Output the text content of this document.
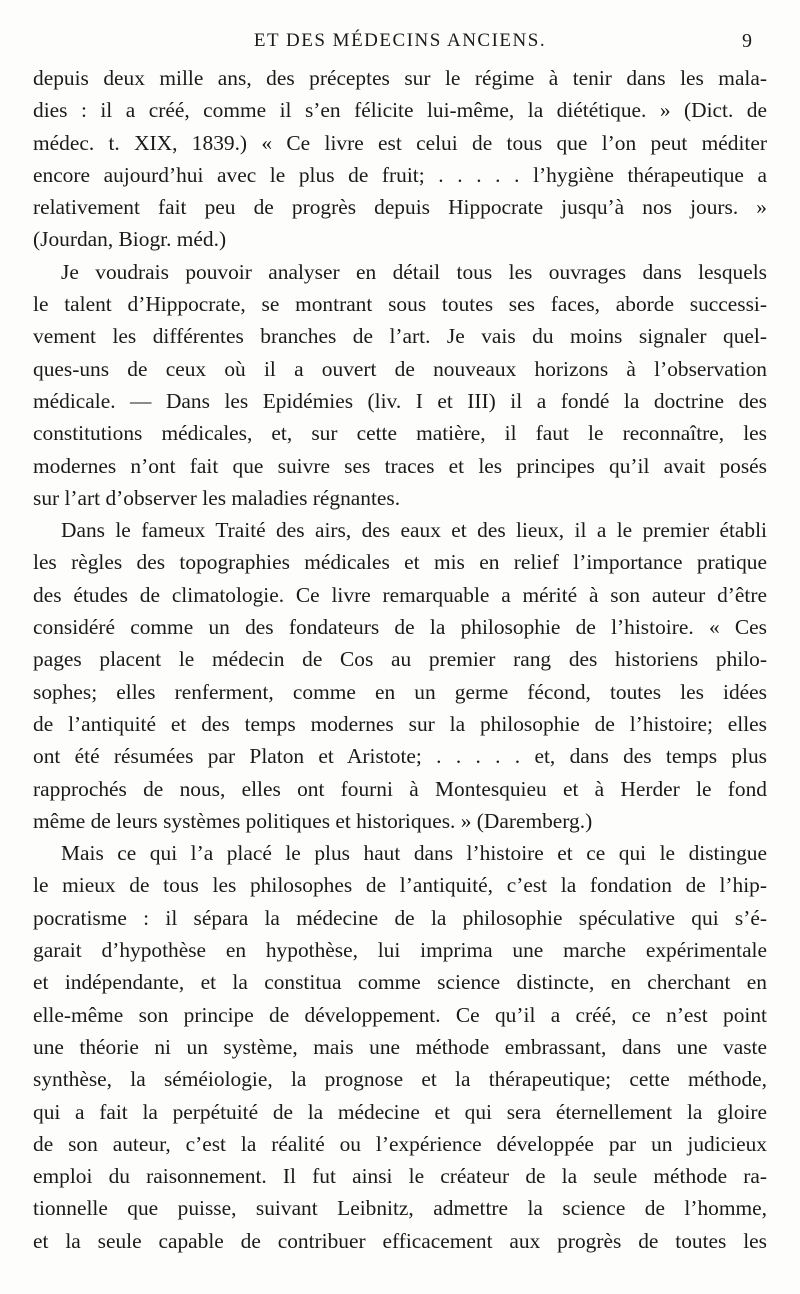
ET DES MÉDECINS ANCIENS.	9
depuis deux mille ans, des préceptes sur le régime à tenir dans les mala-
dies : il a créé, comme il s’en félicite lui-même, la diététique. » (Dict. de
médec. t. XIX, 1839.) « Ce livre est celui de tous que l’on peut méditer
encore aujourd’hui avec le plus de fruit; . . . . . l’hygiène thérapeutique a
relativement fait peu de progrès depuis Hippocrate jusqu’à nos jours. »
(Jourdan, Biogr. méd.)
Je voudrais pouvoir analyser en détail tous les ouvrages dans lesquels
le talent d’Hippocrate, se montrant sous toutes ses faces, aborde successi-
vement les différentes branches de l’art. Je vais du moins signaler quel-
ques-uns de ceux où il a ouvert de nouveaux horizons à l’observation
médicale. — Dans les Epidémies (liv. I et III) il a fondé la doctrine des
constitutions médicales, et, sur cette matière, il faut le reconnaître, les
modernes n’ont fait que suivre ses traces et les principes qu’il avait posés
sur l’art d’observer les maladies régnantes.
Dans le fameux Traité des airs, des eaux et des lieux, il a le premier établi
les règles des topographies médicales et mis en relief l’importance pratique
des études de climatologie. Ce livre remarquable a mérité à son auteur d’être
considéré comme un des fondateurs de la philosophie de l’histoire. « Ces
pages placent le médecin de Cos au premier rang des historiens philo-
sophes; elles renferment, comme en un germe fécond, toutes les idées
de l’antiquité et des temps modernes sur la philosophie de l’histoire; elles
ont été résumées par Platon et Aristote; . . . . . et, dans des temps plus
rapprochés de nous, elles ont fourni à Montesquieu et à Herder le fond
même de leurs systèmes politiques et historiques. » (Daremberg.)
Mais ce qui l’a placé le plus haut dans l’histoire et ce qui le distingue
le mieux de tous les philosophes de l’antiquité, c’est la fondation de l’hip-
pocratisme : il sépara la médecine de la philosophie spéculative qui s’é-
garait d’hypothèse en hypothèse, lui imprima une marche expérimentale
et indépendante, et la constitua comme science distincte, en cherchant en
elle-même son principe de développement. Ce qu’il a créé, ce n’est point
une théorie ni un système, mais une méthode embrassant, dans une vaste
synthèse, la séméiologie, la prognose et la thérapeutique; cette méthode,
qui a fait la perpétuité de la médecine et qui sera éternellement la gloire
de son auteur, c’est la réalité ou l’expérience développée par un judicieux
emploi du raisonnement. Il fut ainsi le créateur de la seule méthode ra-
tionnelle que puisse, suivant Leibnitz, admettre la science de l’homme,
et la seule capable de contribuer efficacement aux progrès de toutes les
